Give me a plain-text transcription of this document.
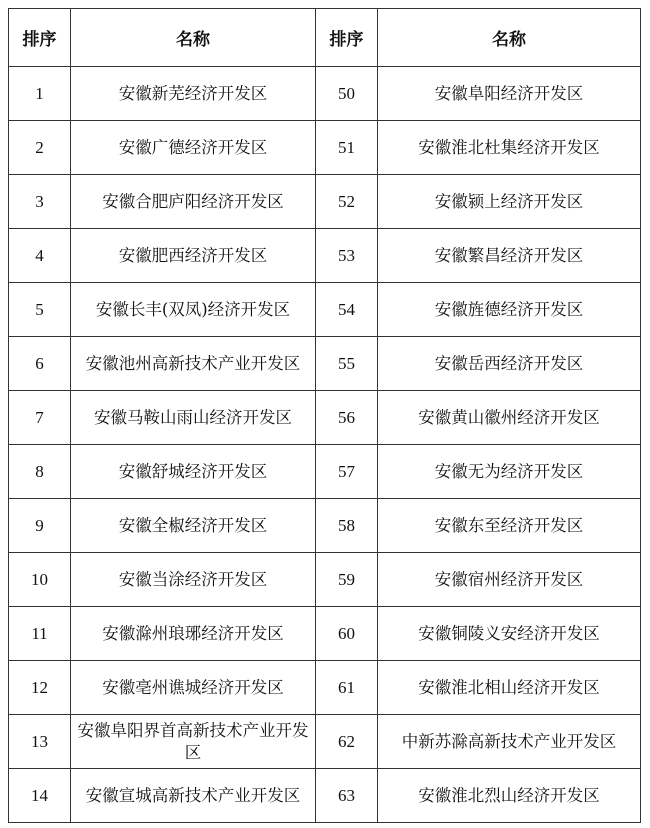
排序	名称	排序	名称
1	安徽新芜经济开发区	50	安徽阜阳经济开发区
2	安徽广德经济开发区	51	安徽淮北杜集经济开发区
3	安徽合肥庐阳经济开发区	52	安徽颍上经济开发区
4	安徽肥西经济开发区	53	安徽繁昌经济开发区
5	安徽长丰(双凤)经济开发区	54	安徽旌德经济开发区
6	安徽池州高新技术产业开发区	55	安徽岳西经济开发区
7	安徽马鞍山雨山经济开发区	56	安徽黄山徽州经济开发区
8	安徽舒城经济开发区	57	安徽无为经济开发区
9	安徽全椒经济开发区	58	安徽东至经济开发区
10	安徽当涂经济开发区	59	安徽宿州经济开发区
11	安徽滁州琅琊经济开发区	60	安徽铜陵义安经济开发区
12	安徽亳州谯城经济开发区	61	安徽淮北相山经济开发区
13	安徽阜阳界首高新技术产业开发区	62	中新苏滁高新技术产业开发区
14	安徽宣城高新技术产业开发区	63	安徽淮北烈山经济开发区
